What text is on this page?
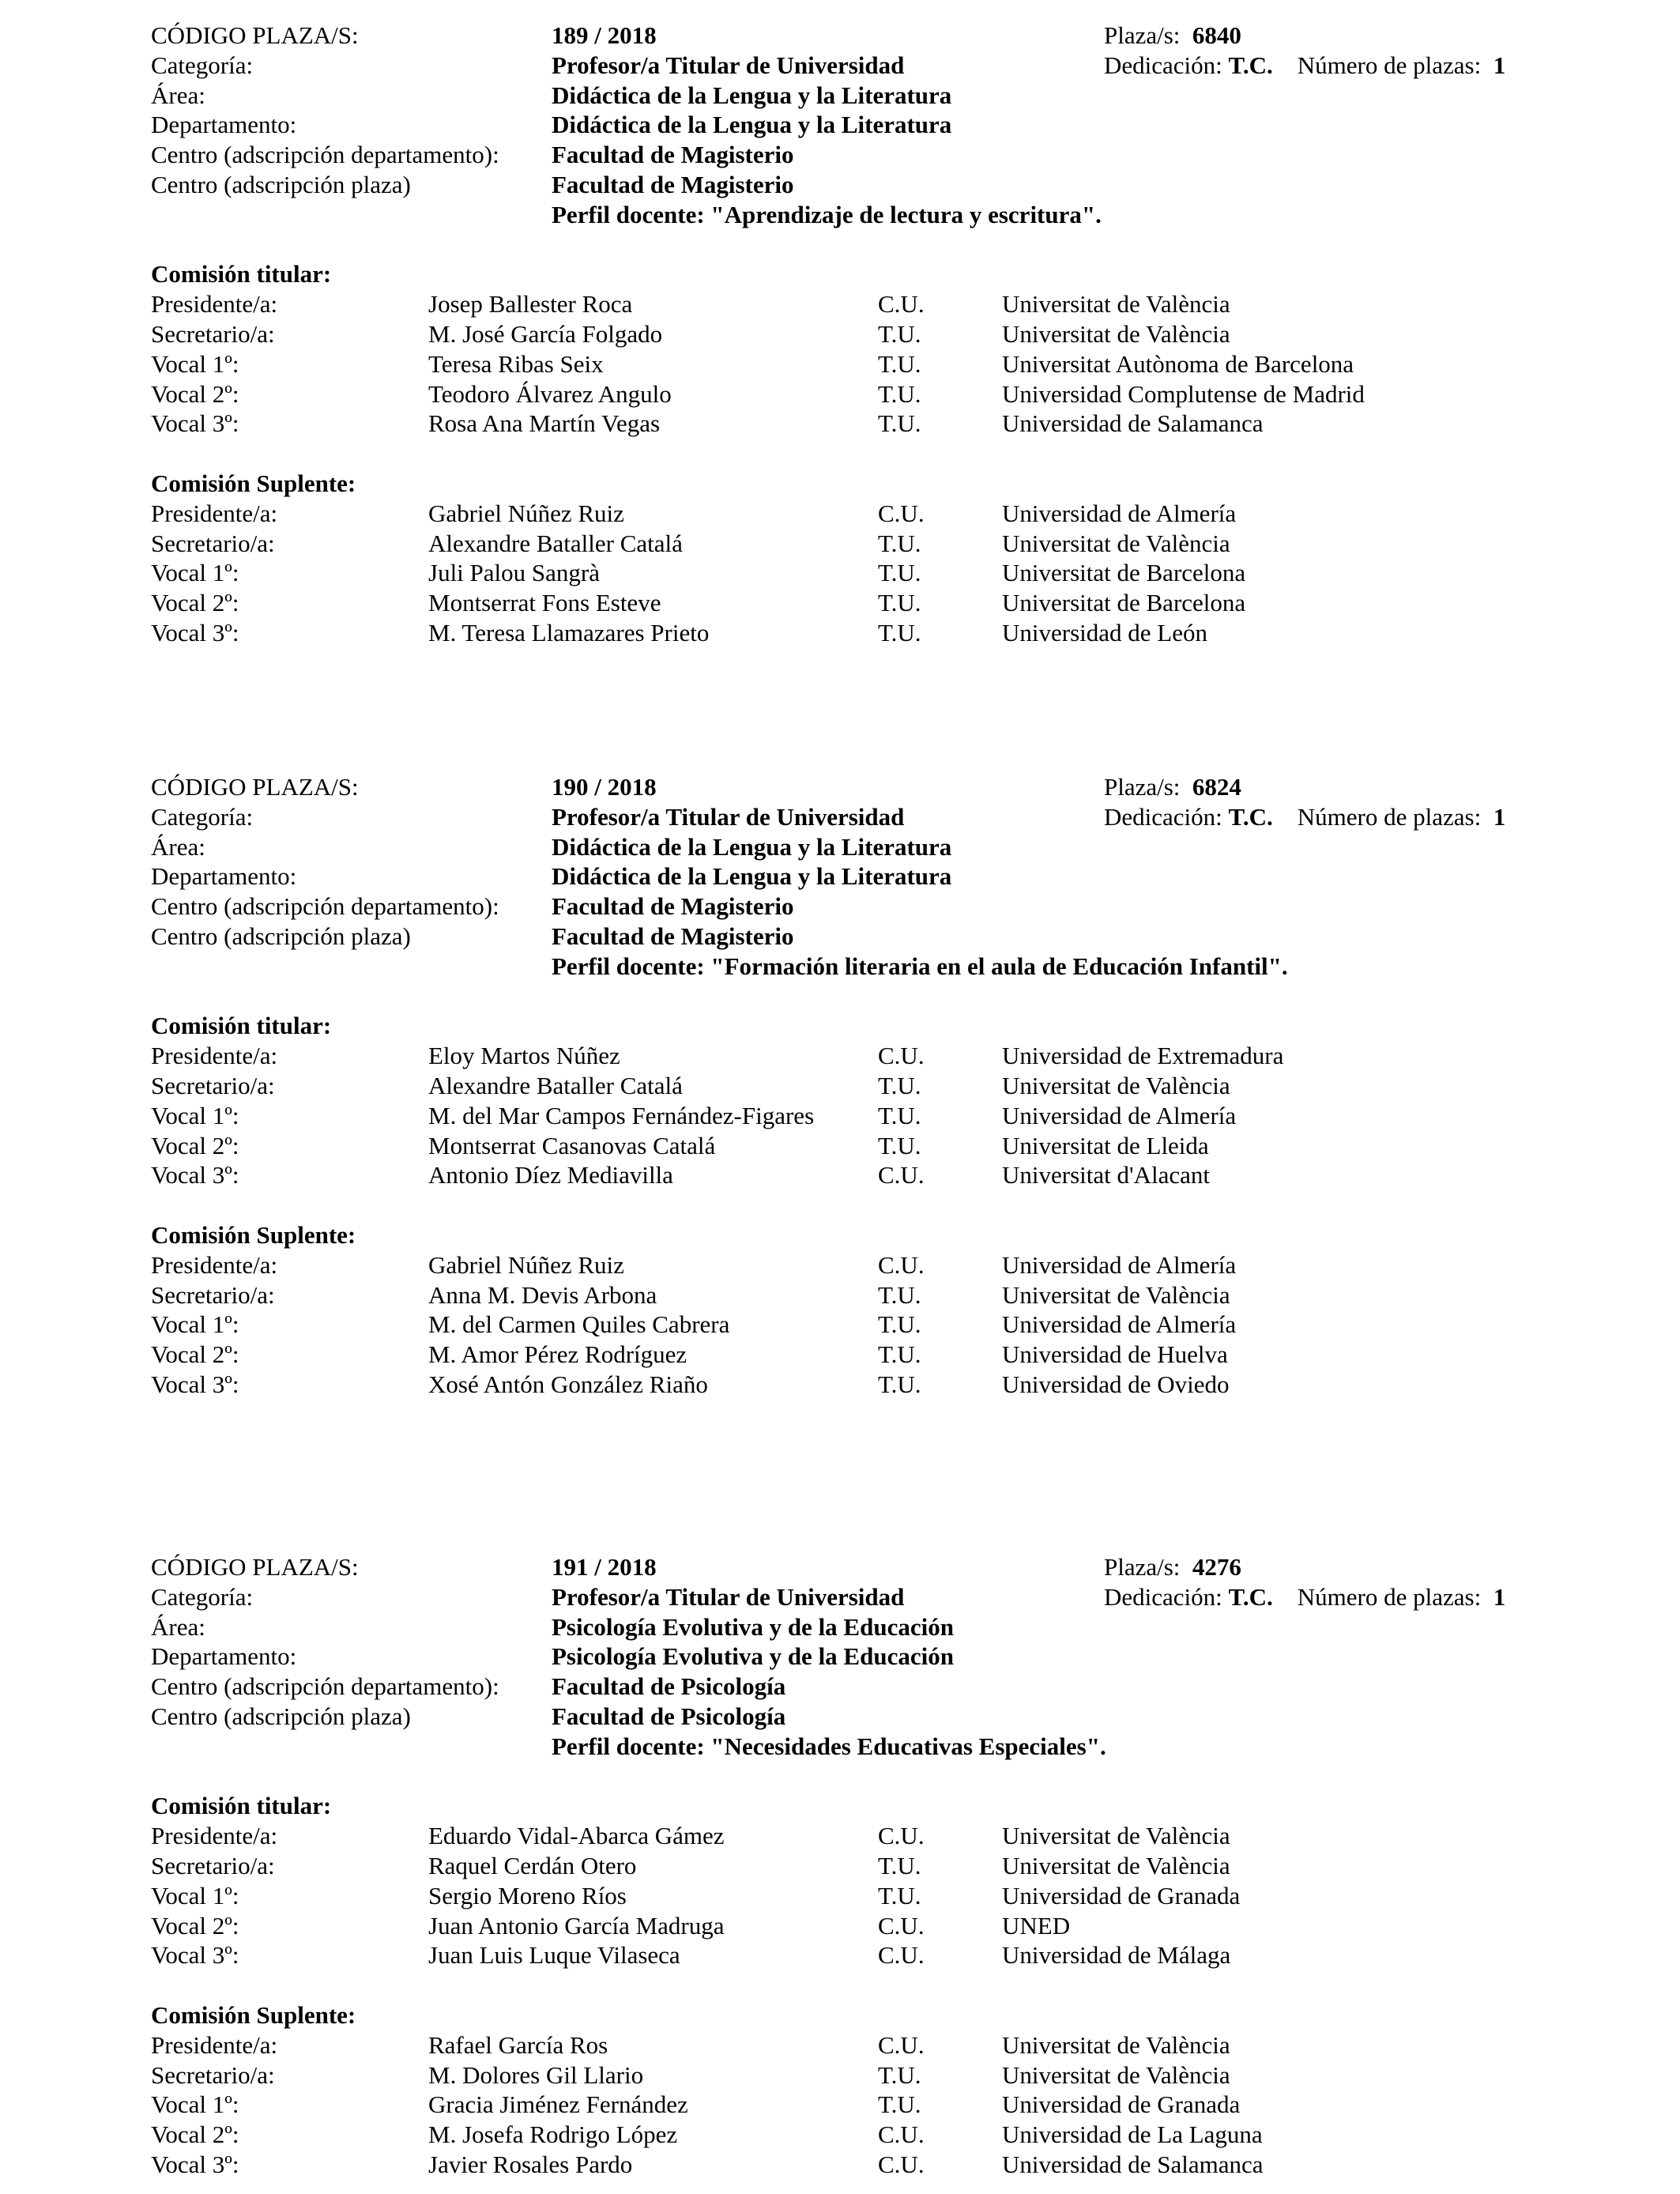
CÓDIGO PLAZA/S:	189 / 2018	Plaza/s: 6840
Categoría:	Profesor/a Titular de Universidad	Dedicación: T.C. Número de plazas: 1
Área:	Didáctica de la Lengua y la Literatura
Departamento:	Didáctica de la Lengua y la Literatura
Centro (adscripción departamento): Facultad de Magisterio
Centro (adscripción plaza)	Facultad de Magisterio
Perfil docente: "Aprendizaje de lectura y escritura".
Comisión titular:
Presidente/a:	Josep Ballester Roca	C.U.	Universitat de València
Secretario/a:	M. José García Folgado	T.U.	Universitat de València
Vocal 1º:	Teresa Ribas Seix	T.U.	Universitat Autònoma de Barcelona
Vocal 2º:	Teodoro Álvarez Angulo	T.U.	Universidad Complutense de Madrid
Vocal 3º:	Rosa Ana Martín Vegas	T.U.	Universidad de Salamanca
Comisión Suplente:
Presidente/a:	Gabriel Núñez Ruiz	C.U.	Universidad de Almería
Secretario/a:	Alexandre Bataller Catalá	T.U.	Universitat de València
Vocal 1º:	Juli Palou Sangrà	T.U.	Universitat de Barcelona
Vocal 2º:	Montserrat Fons Esteve	T.U.	Universitat de Barcelona
Vocal 3º:	M. Teresa Llamazares Prieto	T.U.	Universidad de León
CÓDIGO PLAZA/S:	190 / 2018	Plaza/s: 6824
Categoría:	Profesor/a Titular de Universidad	Dedicación: T.C. Número de plazas: 1
Área:	Didáctica de la Lengua y la Literatura
Departamento:	Didáctica de la Lengua y la Literatura
Centro (adscripción departamento): Facultad de Magisterio
Centro (adscripción plaza)	Facultad de Magisterio
Perfil docente: "Formación literaria en el aula de Educación Infantil".
Comisión titular:
Presidente/a:	Eloy Martos Núñez	C.U.	Universidad de Extremadura
Secretario/a:	Alexandre Bataller Catalá	T.U.	Universitat de València
Vocal 1º:	M. del Mar Campos Fernández-Figares	T.U.	Universidad de Almería
Vocal 2º:	Montserrat Casanovas Catalá	T.U.	Universitat de Lleida
Vocal 3º:	Antonio Díez Mediavilla	C.U.	Universitat d'Alacant
Comisión Suplente:
Presidente/a:	Gabriel Núñez Ruiz	C.U.	Universidad de Almería
Secretario/a:	Anna M. Devis Arbona	T.U.	Universitat de València
Vocal 1º:	M. del Carmen Quiles Cabrera	T.U.	Universidad de Almería
Vocal 2º:	M. Amor Pérez Rodríguez	T.U.	Universidad de Huelva
Vocal 3º:	Xosé Antón González Riaño	T.U.	Universidad de Oviedo
CÓDIGO PLAZA/S:	191 / 2018	Plaza/s: 4276
Categoría:	Profesor/a Titular de Universidad	Dedicación: T.C. Número de plazas: 1
Área:	Psicología Evolutiva y de la Educación
Departamento:	Psicología Evolutiva y de la Educación
Centro (adscripción departamento): Facultad de Psicología
Centro (adscripción plaza)	Facultad de Psicología
Perfil docente: "Necesidades Educativas Especiales".
Comisión titular:
Presidente/a:	Eduardo Vidal-Abarca Gámez	C.U.	Universitat de València
Secretario/a:	Raquel Cerdán Otero	T.U.	Universitat de València
Vocal 1º:	Sergio Moreno Ríos	T.U.	Universidad de Granada
Vocal 2º:	Juan Antonio García Madruga	C.U.	UNED
Vocal 3º:	Juan Luis Luque Vilaseca	C.U.	Universidad de Málaga
Comisión Suplente:
Presidente/a:	Rafael García Ros	C.U.	Universitat de València
Secretario/a:	M. Dolores Gil Llario	T.U.	Universitat de València
Vocal 1º:	Gracia Jiménez Fernández	T.U.	Universidad de Granada
Vocal 2º:	M. Josefa Rodrigo López	C.U.	Universidad de La Laguna
Vocal 3º:	Javier Rosales Pardo	C.U.	Universidad de Salamanca
